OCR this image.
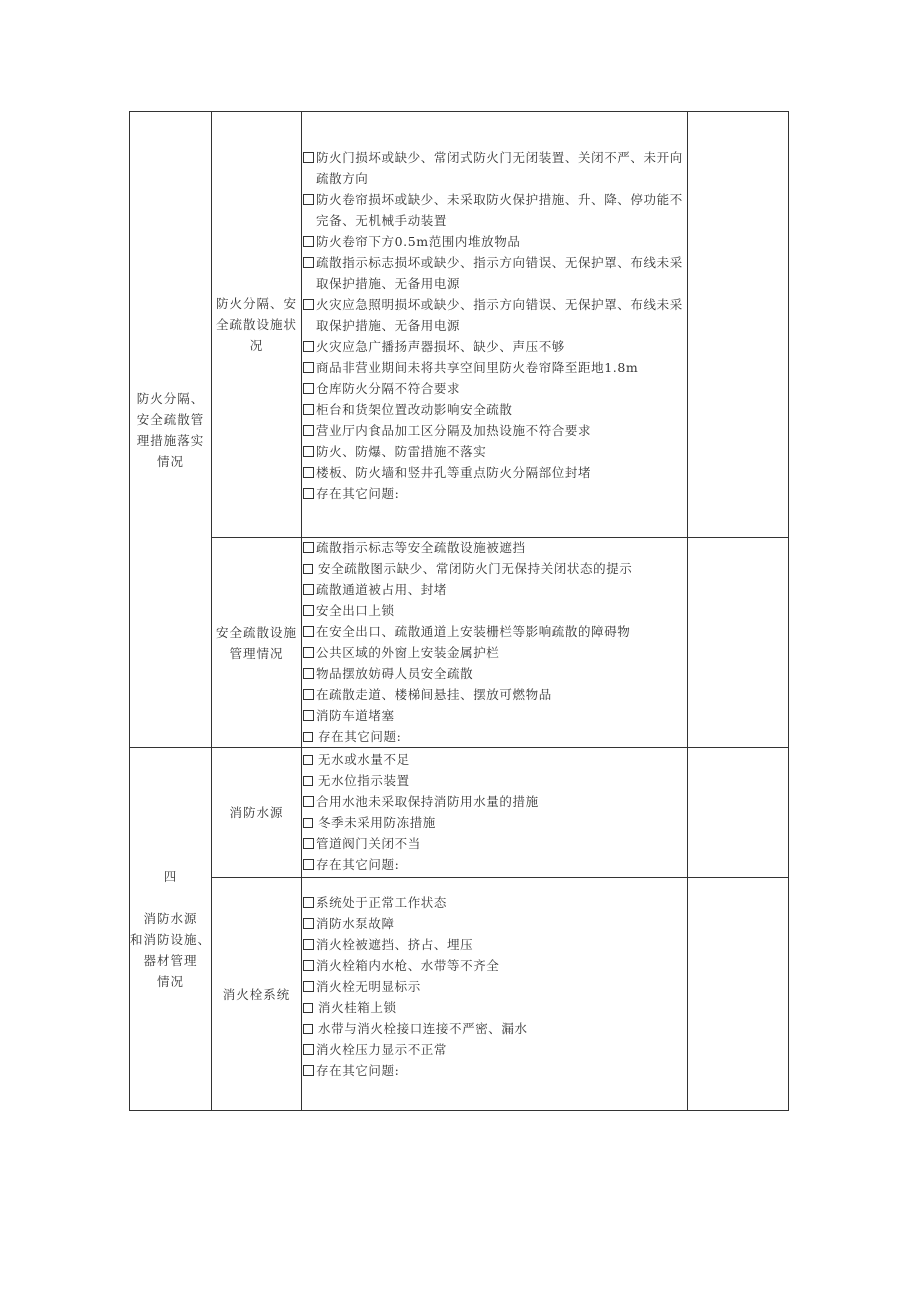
防火分隔、安全疏散管理措施落实情况
防火分隔、安全疏散设施状况
安全疏散设施管理情况
四
消防水源
和消防设施、
器材管理
情况
消防水源
消火栓系统
防火门损坏或缺少、常闭式防火门无闭装置、关闭不严、未开向疏散方向
防火卷帘损坏或缺少、未采取防火保护措施、升、降、停功能不完备、无机械手动装置
防火卷帘下方0.5m范围内堆放物品
疏散指示标志损坏或缺少、指示方向错误、无保护罩、布线未采取保护措施、无备用电源
火灾应急照明损坏或缺少、指示方向错误、无保护罩、布线未采取保护措施、无备用电源
火灾应急广播扬声器损坏、缺少、声压不够
商品非营业期间未将共享空间里防火卷帘降至距地1.8m
仓库防火分隔不符合要求
柜台和货架位置改动影响安全疏散
营业厅内食品加工区分隔及加热设施不符合要求
防火、防爆、防雷措施不落实
楼板、防火墙和竖井孔等重点防火分隔部位封堵
存在其它问题:
疏散指示标志等安全疏散设施被遮挡
安全疏散图示缺少、常闭防火门无保持关闭状态的提示
疏散通道被占用、封堵
安全出口上锁
在安全出口、疏散通道上安装栅栏等影响疏散的障碍物
公共区域的外窗上安装金属护栏
物品摆放妨碍人员安全疏散
在疏散走道、楼梯间悬挂、摆放可燃物品
消防车道堵塞
存在其它问题:
无水或水量不足
无水位指示装置
合用水池未采取保持消防用水量的措施
冬季未采用防冻措施
管道阀门关闭不当
存在其它问题:
系统处于正常工作状态
消防水泵故障
消火栓被遮挡、挤占、埋压
消火栓箱内水枪、水带等不齐全
消火栓无明显标示
消火桂箱上锁
水带与消火栓接口连接不严密、漏水
消火栓压力显示不正常
存在其它问题:
